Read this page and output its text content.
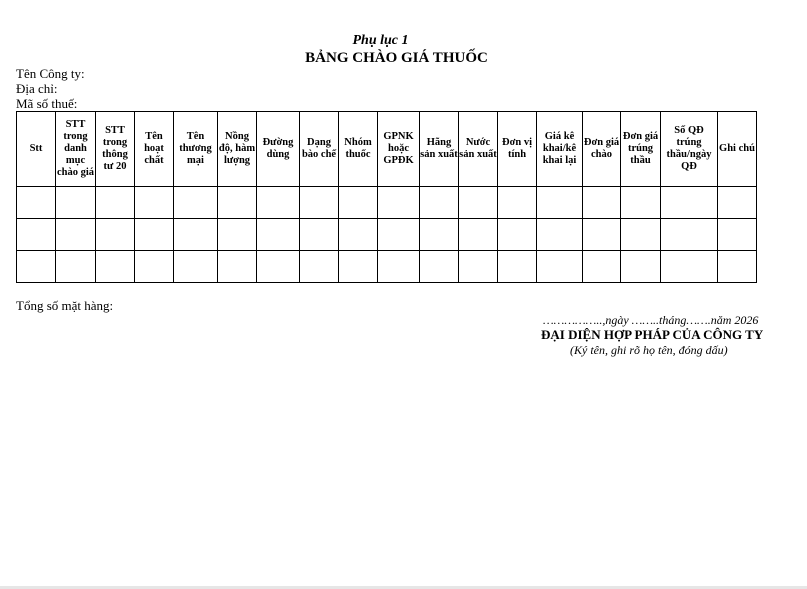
Phụ lục 1
BẢNG CHÀO GIÁ THUỐC
Tên Công ty:
Địa chỉ:
Mã số thuế:
Stt	STT trong danh mục chào giá	STT trong thông tư 20	Tên hoạt chất	Tên thương mại	Nồng độ, hàm lượng	Đường dùng	Dạng bào chế	Nhóm thuốc	GPNK hoặc GPĐK	Hãng sản xuất	Nước sản xuất	Đơn vị tính	Giá kê khai/kê khai lại	Đơn giá chào	Đơn giá trúng thầu	Số QĐ trúng thầu/ngày QĐ	Ghi chú

Tổng số mặt hàng:
……………..,ngày ……..tháng…….năm 2026
ĐẠI DIỆN HỢP PHÁP CỦA CÔNG TY
(Ký tên, ghi rõ họ tên, đóng dấu)
